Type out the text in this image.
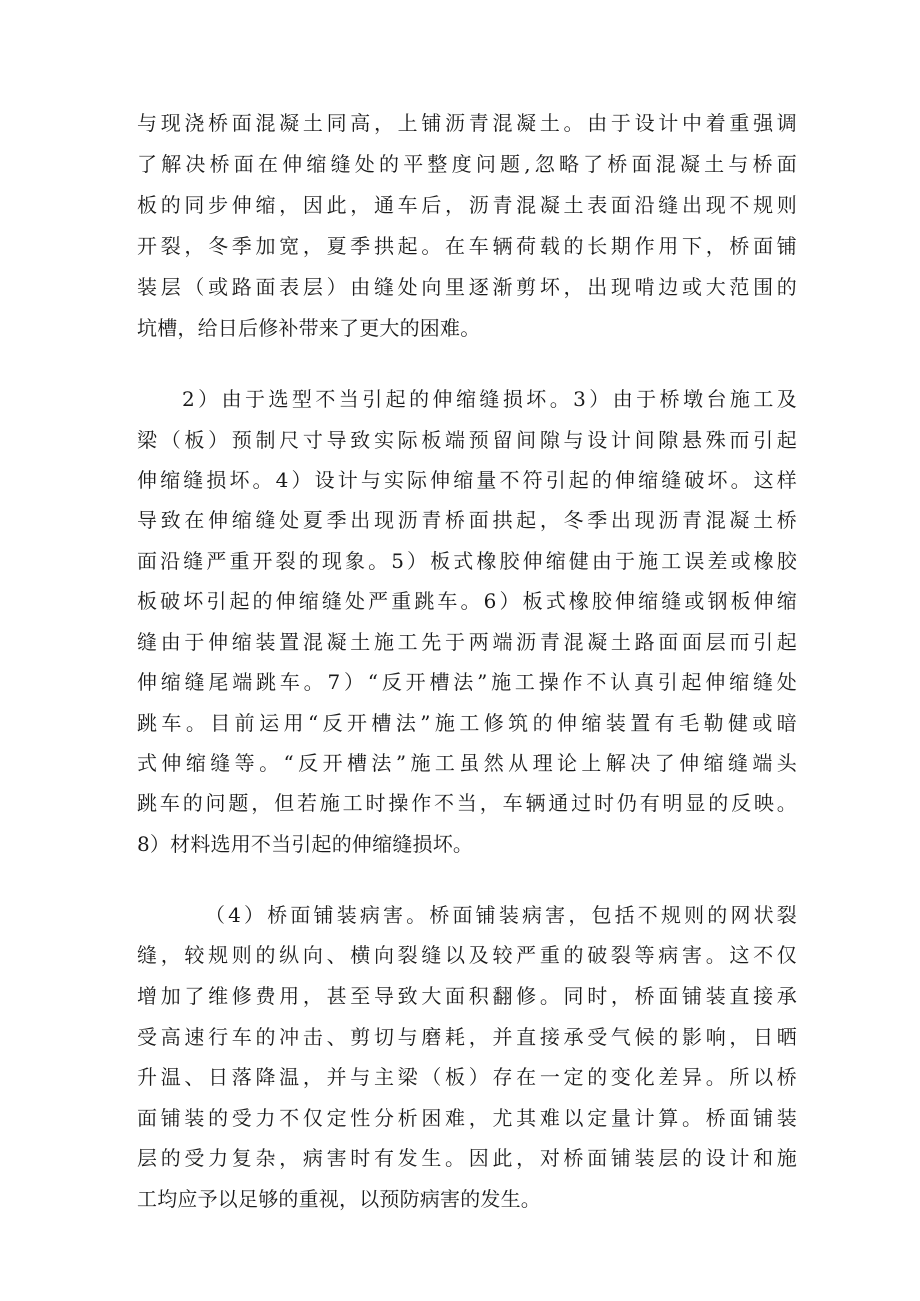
与现浇桥面混凝土同高，上铺沥青混凝土。由于设计中着重强调
了解决桥面在伸缩缝处的平整度问题,忽略了桥面混凝土与桥面
板的同步伸缩，因此，通车后，沥青混凝土表面沿缝出现不规则
开裂，冬季加宽，夏季拱起。在车辆荷载的长期作用下，桥面铺
装层（或路面表层）由缝处向里逐渐剪坏，出现啃边或大范围的
坑槽，给日后修补带来了更大的困难。
2）由于选型不当引起的伸缩缝损坏。3）由于桥墩台施工及
梁（板）预制尺寸导致实际板端预留间隙与设计间隙悬殊而引起
伸缩缝损坏。4）设计与实际伸缩量不符引起的伸缩缝破坏。这样
导致在伸缩缝处夏季出现沥青桥面拱起，冬季出现沥青混凝土桥
面沿缝严重开裂的现象。5）板式橡胶伸缩健由于施工误差或橡胶
板破坏引起的伸缩缝处严重跳车。6）板式橡胶伸缩缝或钢板伸缩
缝由于伸缩装置混凝土施工先于两端沥青混凝土路面面层而引起
伸缩缝尾端跳车。7）“反开槽法”施工操作不认真引起伸缩缝处
跳车。目前运用“反开槽法”施工修筑的伸缩装置有毛勒健或暗
式伸缩缝等。“反开槽法”施工虽然从理论上解决了伸缩缝端头
跳车的问题，但若施工时操作不当，车辆通过时仍有明显的反映。
8）材料选用不当引起的伸缩缝损坏。
（4）桥面铺装病害。桥面铺装病害，包括不规则的网状裂
缝，较规则的纵向、横向裂缝以及较严重的破裂等病害。这不仅
增加了维修费用，甚至导致大面积翻修。同时，桥面铺装直接承
受高速行车的冲击、剪切与磨耗，并直接承受气候的影响，日晒
升温、日落降温，并与主梁（板）存在一定的变化差异。所以桥
面铺装的受力不仅定性分析困难，尤其难以定量计算。桥面铺装
层的受力复杂，病害时有发生。因此，对桥面铺装层的设计和施
工均应予以足够的重视，以预防病害的发生。
